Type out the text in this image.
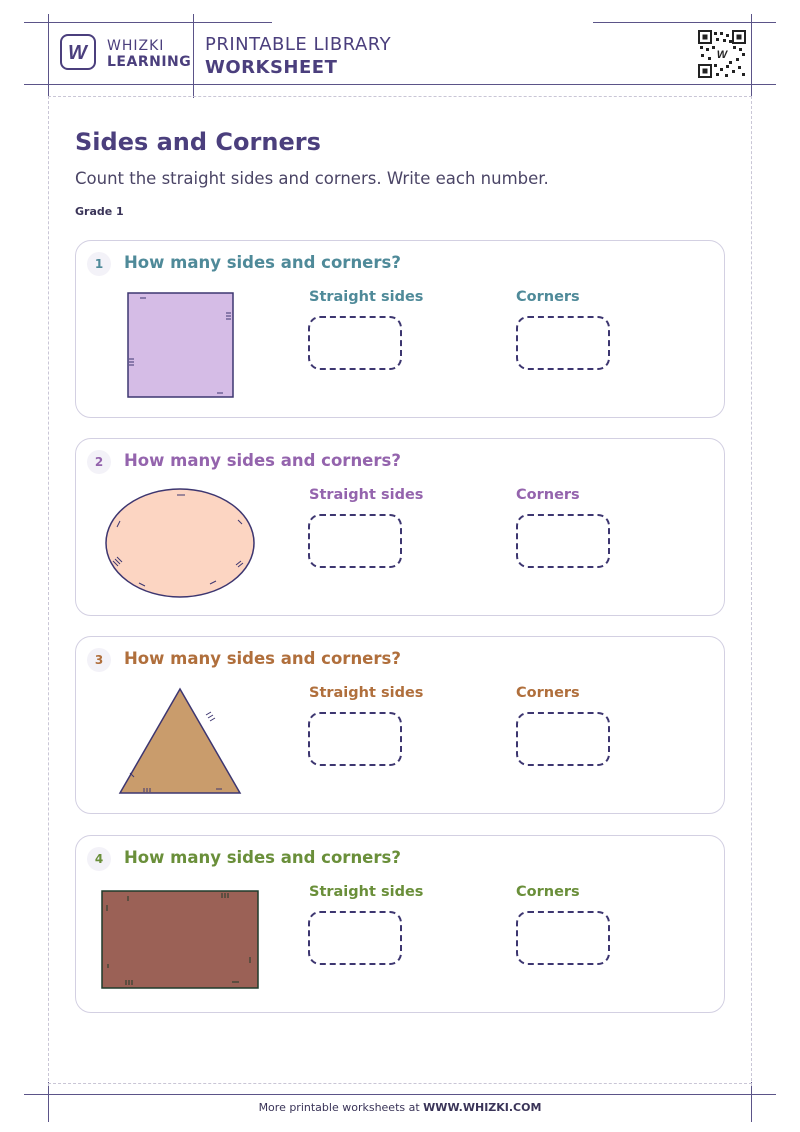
W WHIZKI
LEARNING
PRINTABLE LIBRARY
WORKSHEET
W
Sides and Corners
Count the straight sides and corners. Write each number.
Grade 1
1	How many sides and corners?
Straight sides	Corners
2	How many sides and corners?
Straight sides	Corners
3	How many sides and corners?
Straight sides	Corners
4	How many sides and corners?
Straight sides	Corners
More printable worksheets at WWW.WHIZKI.COM
